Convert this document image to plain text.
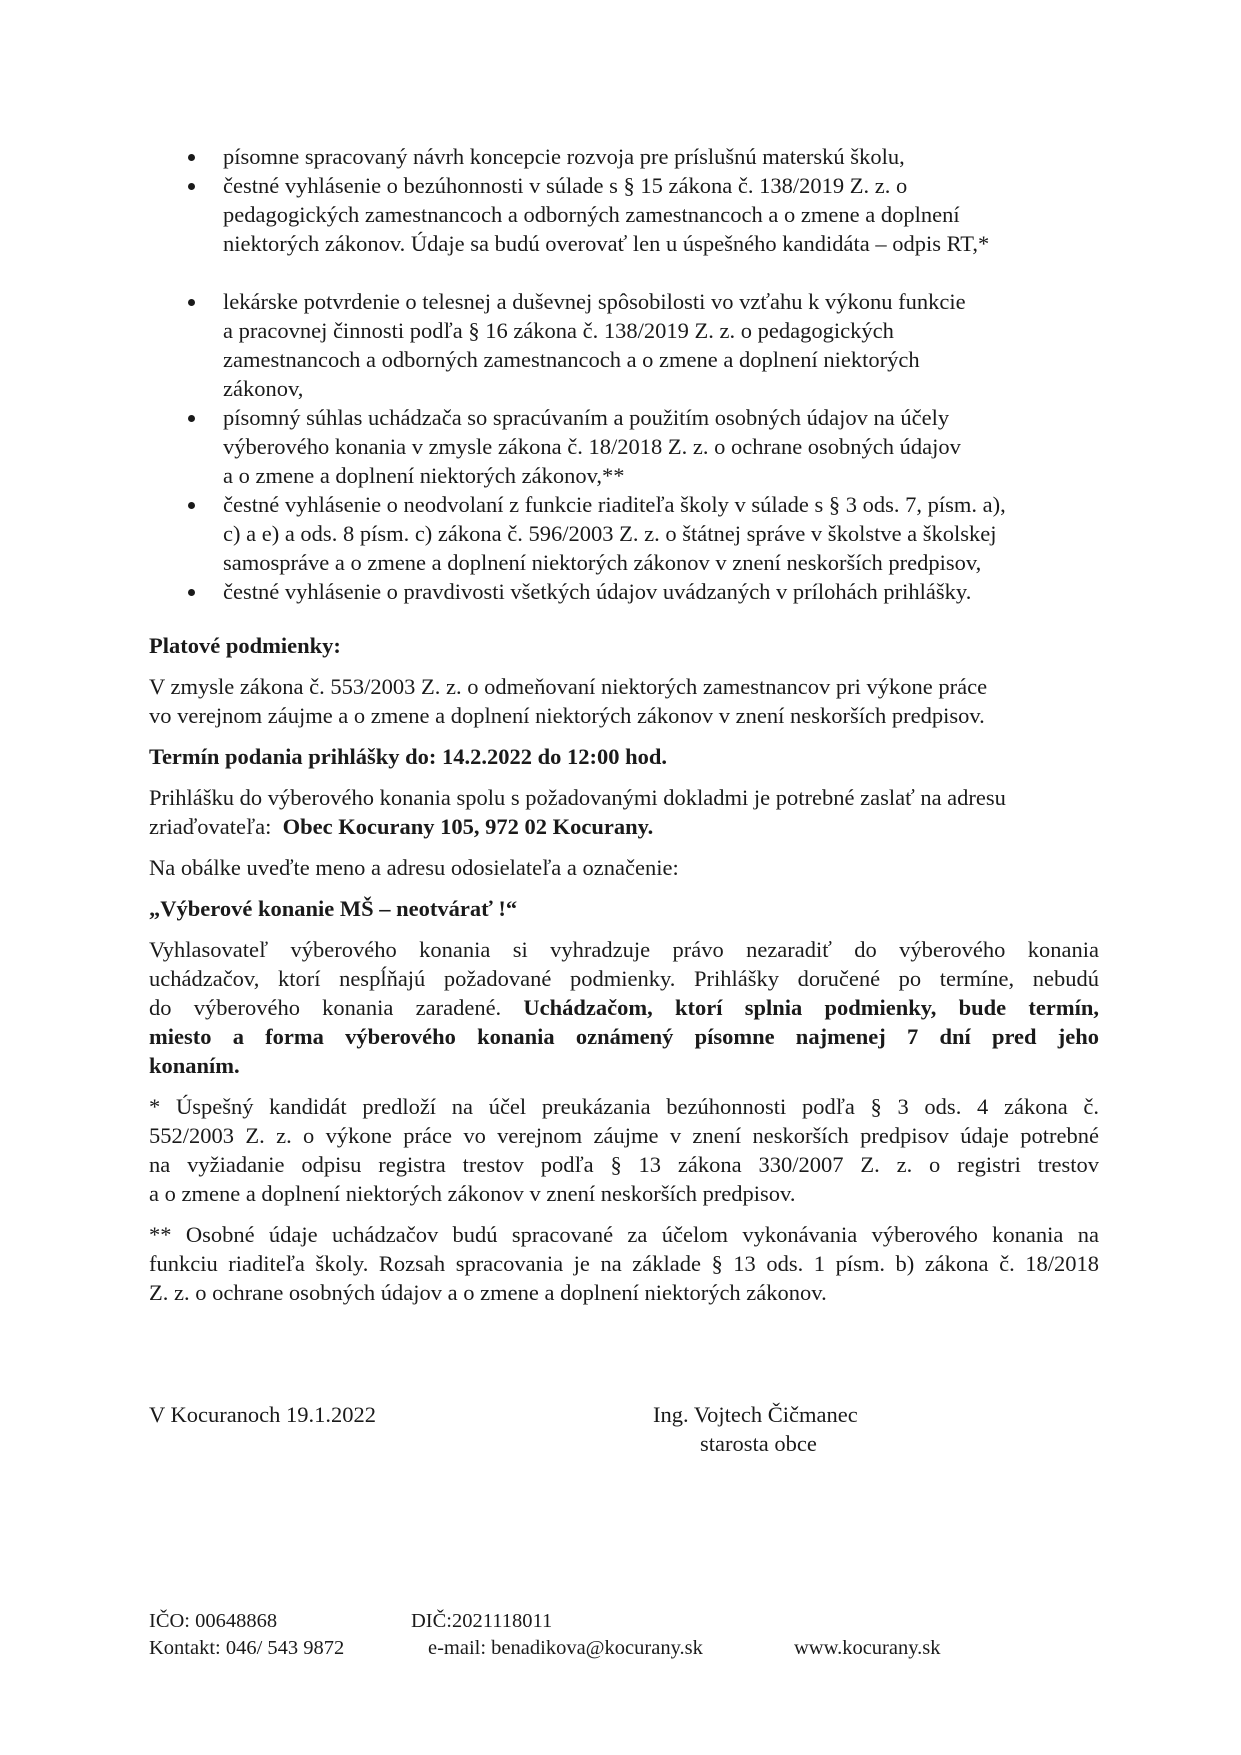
písomne spracovaný návrh koncepcie rozvoja pre príslušnú materskú školu,
čestné vyhlásenie o bezúhonnosti v súlade s § 15 zákona č. 138/2019 Z. z. o
pedagogických zamestnancoch a odborných zamestnancoch a o zmene a doplnení
niektorých zákonov. Údaje sa budú overovať len u úspešného kandidáta – odpis RT,*
lekárske potvrdenie o telesnej a duševnej spôsobilosti vo vzťahu k výkonu funkcie
a pracovnej činnosti podľa § 16 zákona č. 138/2019 Z. z. o pedagogických
zamestnancoch a odborných zamestnancoch a o zmene a doplnení niektorých
zákonov,
písomný súhlas uchádzača so spracúvaním a použitím osobných údajov na účely
výberového konania v zmysle zákona č. 18/2018 Z. z. o ochrane osobných údajov
a o zmene a doplnení niektorých zákonov,**
čestné vyhlásenie o neodvolaní z funkcie riaditeľa školy v súlade s § 3 ods. 7, písm. a),
c) a e) a ods. 8 písm. c) zákona č. 596/2003 Z. z. o štátnej správe v školstve a školskej
samospráve a o zmene a doplnení niektorých zákonov v znení neskorších predpisov,
čestné vyhlásenie o pravdivosti všetkých údajov uvádzaných v prílohách prihlášky.
Platové podmienky:
V zmysle zákona č. 553/2003 Z. z. o odmeňovaní niektorých zamestnancov pri výkone práce
vo verejnom záujme a o zmene a doplnení niektorých zákonov v znení neskorších predpisov.
Termín podania prihlášky do: 14.2.2022 do 12:00 hod.
Prihlášku do výberového konania spolu s požadovanými dokladmi je potrebné zaslať na adresu
zriaďovateľa:  Obec Kocurany 105, 972 02 Kocurany.
Na obálke uveďte meno a adresu odosielateľa a označenie:
„Výberové konanie MŠ – neotvárať !“
Vyhlasovateľ výberového konania si vyhradzuje právo nezaradiť do výberového konania
uchádzačov, ktorí nespĺňajú požadované podmienky. Prihlášky doručené po termíne, nebudú
do výberového konania zaradené. Uchádzačom, ktorí splnia podmienky, bude termín,
miesto a forma výberového konania oznámený písomne najmenej 7 dní pred jeho
konaním.
* Úspešný kandidát predloží na účel preukázania bezúhonnosti podľa § 3 ods. 4 zákona č.
552/2003 Z. z. o výkone práce vo verejnom záujme v znení neskorších predpisov údaje potrebné
na vyžiadanie odpisu registra trestov podľa § 13 zákona 330/2007 Z. z. o registri trestov
a o zmene a doplnení niektorých zákonov v znení neskorších predpisov.
** Osobné údaje uchádzačov budú spracované za účelom vykonávania výberového konania na
funkciu riaditeľa školy. Rozsah spracovania je na základe § 13 ods. 1 písm. b) zákona č. 18/2018
Z. z. o ochrane osobných údajov a o zmene a doplnení niektorých zákonov.
V Kocuranoch 19.1.2022	Ing. Vojtech Čičmanec
starosta obce
IČO: 00648868	DIČ:2021118011
Kontakt: 046/ 543 9872	e-mail: benadikova@kocurany.sk	www.kocurany.sk
